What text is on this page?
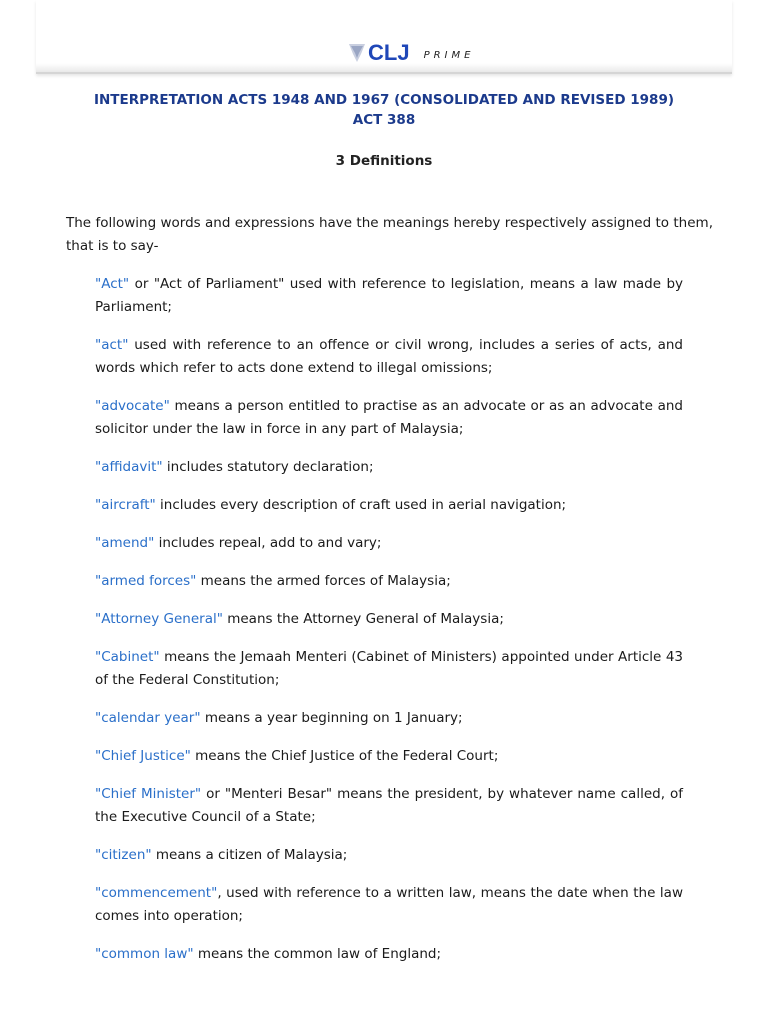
CLJ PRIME
INTERPRETATION ACTS 1948 AND 1967 (CONSOLIDATED AND REVISED 1989)
ACT 388
3 Definitions

The following words and expressions have the meanings hereby respectively assigned to them, that is to say-

"Act" or "Act of Parliament" used with reference to legislation, means a law made by Parliament;
"act" used with reference to an offence or civil wrong, includes a series of acts, and words which refer to acts done extend to illegal omissions;
"advocate" means a person entitled to practise as an advocate or as an advocate and solicitor under the law in force in any part of Malaysia;
"affidavit" includes statutory declaration;
"aircraft" includes every description of craft used in aerial navigation;
"amend" includes repeal, add to and vary;
"armed forces" means the armed forces of Malaysia;
"Attorney General" means the Attorney General of Malaysia;
"Cabinet" means the Jemaah Menteri (Cabinet of Ministers) appointed under Article 43 of the Federal Constitution;
"calendar year" means a year beginning on 1 January;
"Chief Justice" means the Chief Justice of the Federal Court;
"Chief Minister" or "Menteri Besar" means the president, by whatever name called, of the Executive Council of a State;
"citizen" means a citizen of Malaysia;
"commencement", used with reference to a written law, means the date when the law comes into operation;
"common law" means the common law of England;
